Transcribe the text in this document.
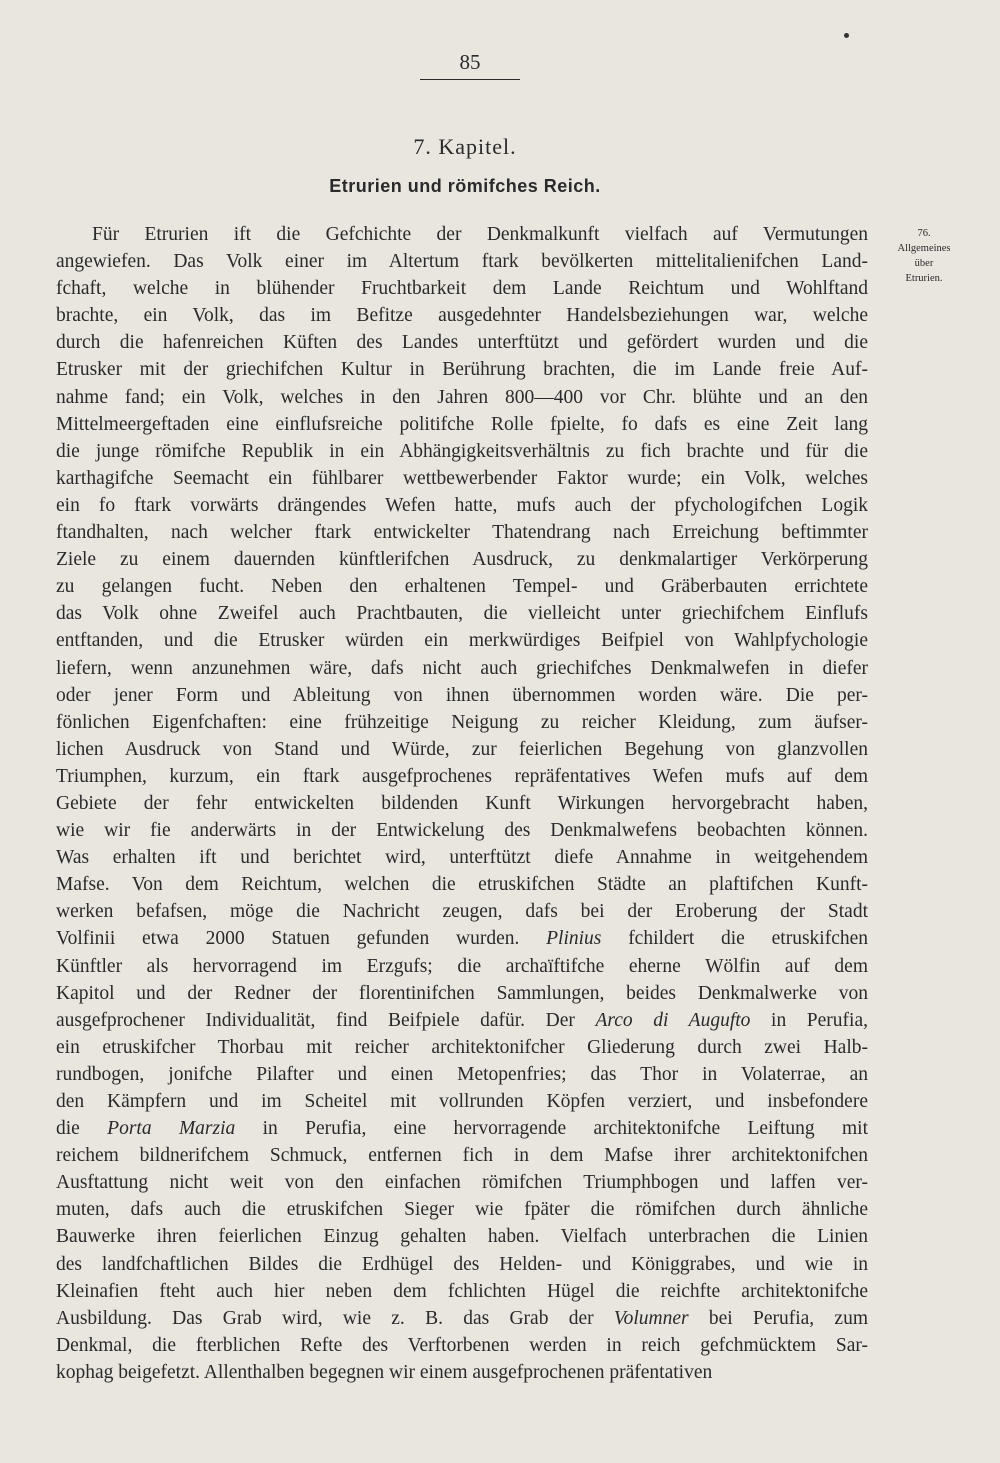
85
7. Kapitel.
Etrurien und römifches Reich.
76.
Allgemeines
über
Etrurien.
Für Etrurien ift die Gefchichte der Denkmalkunft vielfach auf Vermutungen
angewiefen. Das Volk einer im Altertum ftark bevölkerten mittelitalienifchen Land-
fchaft, welche in blühender Fruchtbarkeit dem Lande Reichtum und Wohlftand
brachte, ein Volk, das im Befitze ausgedehnter Handelsbeziehungen war, welche
durch die hafenreichen Küften des Landes unterftützt und gefördert wurden und die
Etrusker mit der griechifchen Kultur in Berührung brachten, die im Lande freie Auf-
nahme fand; ein Volk, welches in den Jahren 800—400 vor Chr. blühte und an den
Mittelmeergeftaden eine einflufsreiche politifche Rolle fpielte, fo dafs es eine Zeit lang
die junge römifche Republik in ein Abhängigkeitsverhältnis zu fich brachte und für die
karthagifche Seemacht ein fühlbarer wettbewerbender Faktor wurde; ein Volk, welches
ein fo ftark vorwärts drängendes Wefen hatte, mufs auch der pfychologifchen Logik
ftandhalten, nach welcher ftark entwickelter Thatendrang nach Erreichung beftimmter
Ziele zu einem dauernden künftlerifchen Ausdruck, zu denkmalartiger Verkörperung
zu gelangen fucht. Neben den erhaltenen Tempel- und Gräberbauten errichtete
das Volk ohne Zweifel auch Prachtbauten, die vielleicht unter griechifchem Einflufs
entftanden, und die Etrusker würden ein merkwürdiges Beifpiel von Wahlpfychologie
liefern, wenn anzunehmen wäre, dafs nicht auch griechifches Denkmalwefen in diefer
oder jener Form und Ableitung von ihnen übernommen worden wäre. Die per-
fönlichen Eigenfchaften: eine frühzeitige Neigung zu reicher Kleidung, zum äufser-
lichen Ausdruck von Stand und Würde, zur feierlichen Begehung von glanzvollen
Triumphen, kurzum, ein ftark ausgefprochenes repräfentatives Wefen mufs auf dem
Gebiete der fehr entwickelten bildenden Kunft Wirkungen hervorgebracht haben,
wie wir fie anderwärts in der Entwickelung des Denkmalwefens beobachten können.
Was erhalten ift und berichtet wird, unterftützt diefe Annahme in weitgehendem
Mafse. Von dem Reichtum, welchen die etruskifchen Städte an plaftifchen Kunft-
werken befafsen, möge die Nachricht zeugen, dafs bei der Eroberung der Stadt
Volfinii etwa 2000 Statuen gefunden wurden. Plinius fchildert die etruskifchen
Künftler als hervorragend im Erzgufs; die archaïftifche eherne Wölfin auf dem
Kapitol und der Redner der florentinifchen Sammlungen, beides Denkmalwerke von
ausgefprochener Individualität, find Beifpiele dafür. Der Arco di Augufto in Perufia,
ein etruskifcher Thorbau mit reicher architektonifcher Gliederung durch zwei Halb-
rundbogen, jonifche Pilafter und einen Metopenfries; das Thor in Volaterrae, an
den Kämpfern und im Scheitel mit vollrunden Köpfen verziert, und insbefondere
die Porta Marzia in Perufia, eine hervorragende architektonifche Leiftung mit
reichem bildnerifchem Schmuck, entfernen fich in dem Mafse ihrer architektonifchen
Ausftattung nicht weit von den einfachen römifchen Triumphbogen und laffen ver-
muten, dafs auch die etruskifchen Sieger wie fpäter die römifchen durch ähnliche
Bauwerke ihren feierlichen Einzug gehalten haben. Vielfach unterbrachen die Linien
des landfchaftlichen Bildes die Erdhügel des Helden- und Königgrabes, und wie in
Kleinafien fteht auch hier neben dem fchlichten Hügel die reichfte architektonifche
Ausbildung. Das Grab wird, wie z. B. das Grab der Volumner bei Perufia, zum
Denkmal, die fterblichen Refte des Verftorbenen werden in reich gefchmücktem Sar-
kophag beigefetzt. Allenthalben begegnen wir einem ausgefprochenen präfentativen
